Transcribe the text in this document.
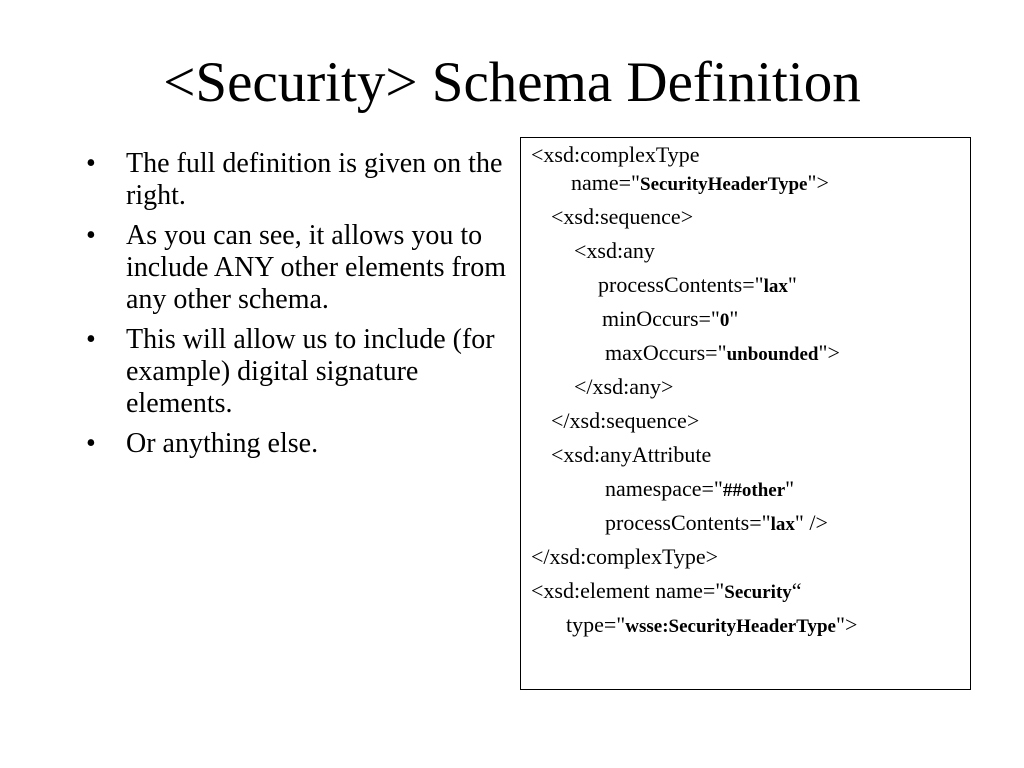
<Security> Schema Definition
• The full definition is given on the right.
• As you can see, it allows you to include ANY other elements from any other schema.
• This will allow us to include (for example) digital signature elements.
• Or anything else.
<xsd:complexType
name="SecurityHeaderType">
<xsd:sequence>
<xsd:any
processContents="lax"
minOccurs="0"
maxOccurs="unbounded">
</xsd:any>
</xsd:sequence>
<xsd:anyAttribute
namespace="##other"
processContents="lax" />
</xsd:complexType>
<xsd:element name="Security“
type="wsse:SecurityHeaderType">
